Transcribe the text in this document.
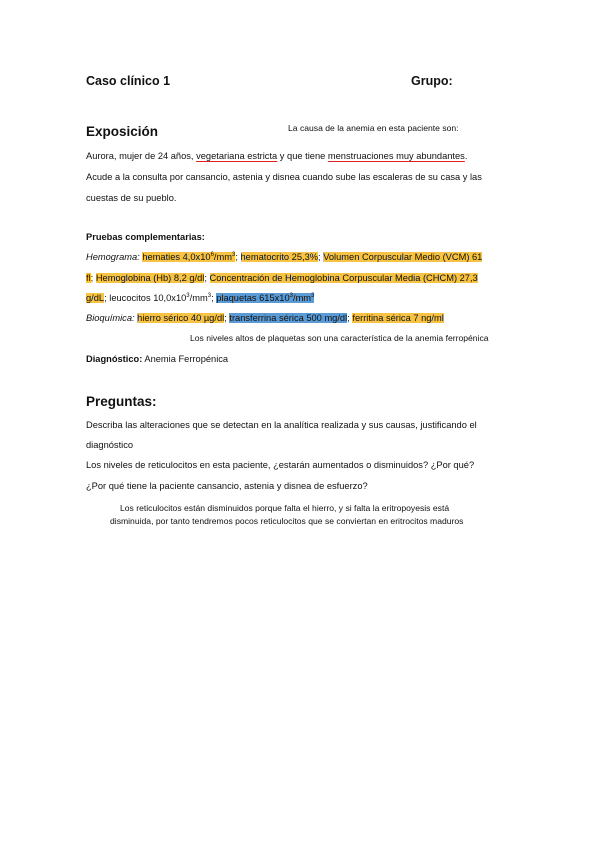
Caso clínico 1	Grupo:
Exposición	La causa de la anemia en esta paciente son:
Aurora, mujer de 24 años, vegetariana estricta y que tiene menstruaciones muy abundantes.
Acude a la consulta por cansancio, astenia y disnea cuando sube las escaleras de su casa y las
cuestas de su pueblo.
Pruebas complementarias:
Hemograma: hematies $4,0x10^6/mm^3$; hematocrito 25,3%; Volumen Corpuscular Medio (VCM) 61
fl; Hemoglobina (Hb) 8,2 g/dl; Concentración de Hemoglobina Corpuscular Media (CHCM) 27,3
g/dL; leucocitos $10,0x10^3/mm^3$; plaquetas $615x10^3/mm^3$
Bioquímica: hierro sérico 40 µg/dl; transferrina sérica 500 mg/dl; ferritina sérica 7 ng/ml
Los niveles altos de plaquetas son una característica de la anemia ferropénica
Diagnóstico: Anemia Ferropénica
Preguntas:
Describa las alteraciones que se detectan en la analítica realizada y sus causas, justificando el
diagnóstico
Los niveles de reticulocitos en esta paciente, ¿estarán aumentados o disminuidos? ¿Por qué?
¿Por qué tiene la paciente cansancio, astenia y disnea de esfuerzo?
Los reticulocitos están disminuidos porque falta el hierro, y si falta la eritropoyesis está
disminuida, por tanto tendremos pocos reticulocitos que se conviertan en eritrocitos maduros
